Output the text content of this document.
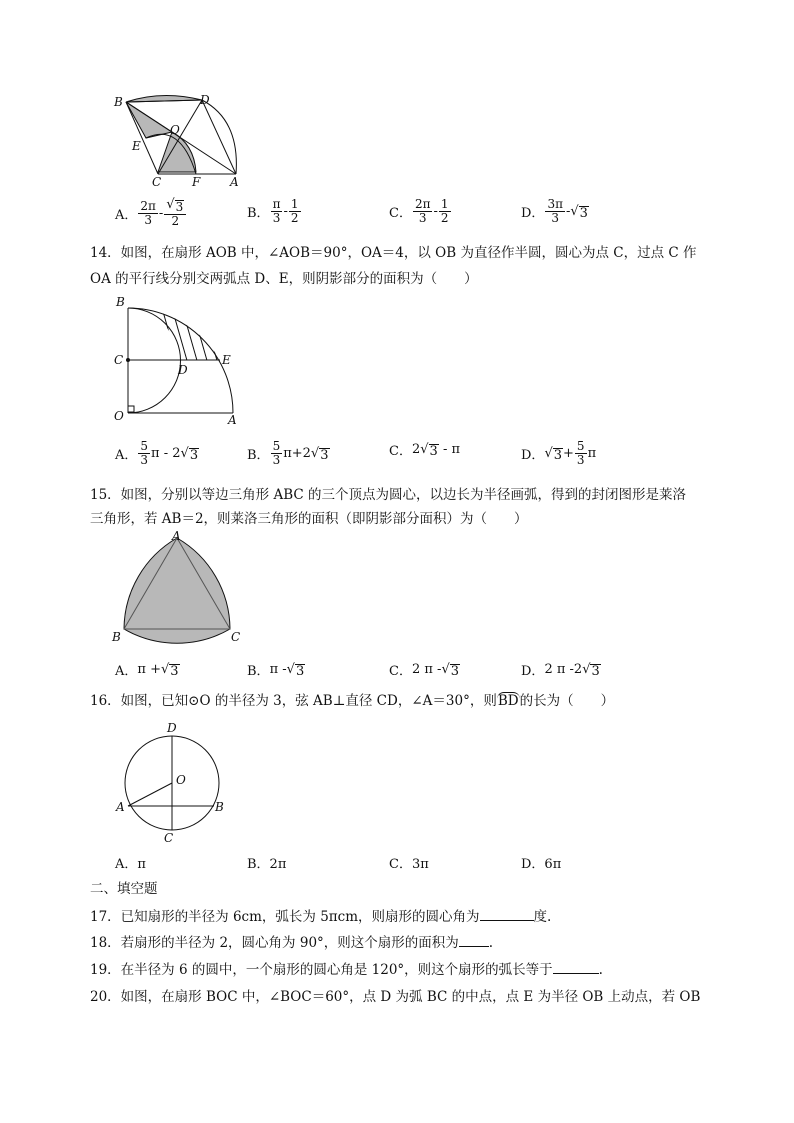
B	D
O
E
C	F A
A． $\frac{2\pi}{3} - \frac{√ 3}{2}$	B． $\frac{\pi}{3} - \frac{1}{2}$	C． $\frac{2\pi}{3} - \frac{1}{2}$	D． $\frac{3\pi}{3}$ - √ 3
14．如图，在扇形 AOB 中，∠AOB＝90°，OA＝4，以 OB 为直径作半圆，圆心为点 C，过点 C 作
OA 的平行线分别交两弧点 D、E，则阴影部分的面积为（　　）
B
C
D
E
O	A
A． $\frac{5}{3}$ π - 2 √ 3	B． $\frac{5}{3} \pi+2$ √ 3	C． 2 √ 3 - π	D． √ $3 + \frac{5}{3}$ π
15．如图，分别以等边三角形 ABC 的三个顶点为圆心，以边长为半径画弧，得到的封闭图形是莱洛
三角形，若 AB＝2，则莱洛三角形的面积（即阴影部分面积）为（　　）
A
B	C
A． π + √ 3	B． π - √ 3	C． 2 π - √ 3	D． 2 π -2 √ 3
16．如图，已知⊙O 的半径为 3，弦 AB⊥直径 CD，∠A＝30°，则BD的长为（　　）
D
O
A	B
C
A．π	B．2π	C．3π	D．6π
二、填空题
17．已知扇形的半径为 6cm，弧长为 5πcm，则扇形的圆心角为	度.
18．若扇形的半径为 2，圆心角为 90°，则这个扇形的面积为 .
19．在半径为 6 的圆中，一个扇形的圆心角是 120°，则这个扇形的弧长等于	.
20．如图，在扇形 BOC 中，∠BOC＝60°，点 D 为弧 BC 的中点，点 E 为半径 OB 上动点，若 OB
